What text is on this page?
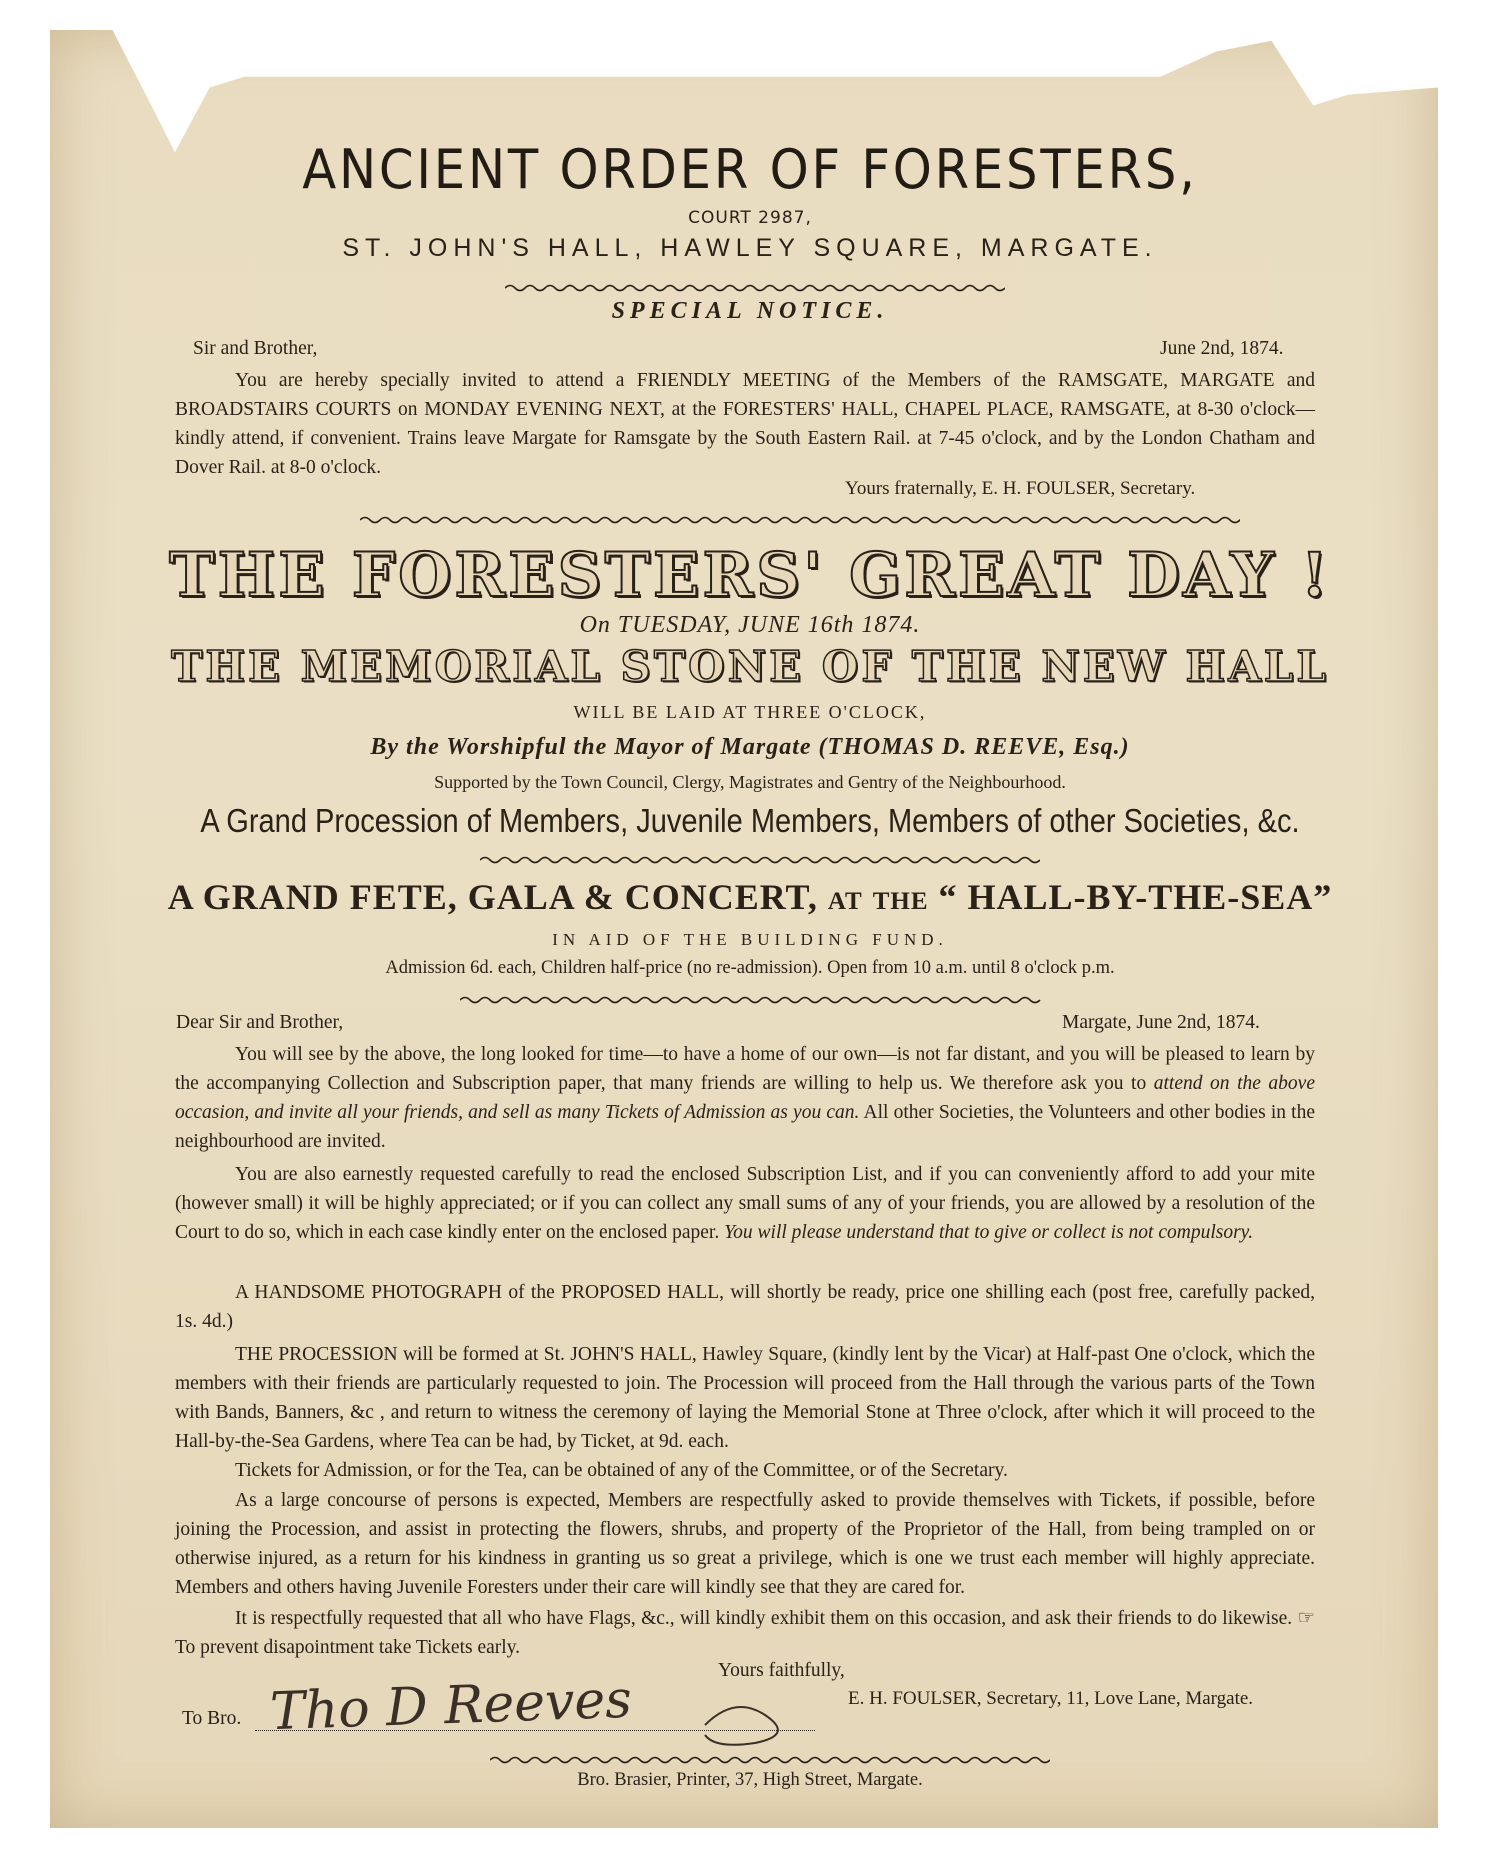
ANCIENT ORDER OF FORESTERS,
COURT 2987,
ST. JOHN'S HALL, HAWLEY SQUARE, MARGATE.
SPECIAL NOTICE.
Sir and Brother,	June 2nd, 1874.
You are hereby specially invited to attend a FRIENDLY MEETING of the Members of the RAMSGATE, MARGATE and BROADSTAIRS COURTS on MONDAY EVENING NEXT, at the FORESTERS' HALL, CHAPEL PLACE, RAMSGATE, at 8-30 o'clock—kindly attend, if convenient. Trains leave Margate for Ramsgate by the South Eastern Rail. at 7-45 o'clock, and by the London Chatham and Dover Rail. at 8-0 o'clock.
Yours fraternally, E. H. FOULSER, Secretary.
THE FORESTERS' GREAT DAY !
On TUESDAY, JUNE 16th 1874.
THE MEMORIAL STONE OF THE NEW HALL
WILL BE LAID AT THREE O'CLOCK,
By the Worshipful the Mayor of Margate (THOMAS D. REEVE, Esq.)
Supported by the Town Council, Clergy, Magistrates and Gentry of the Neighbourhood.
A Grand Procession of Members, Juvenile Members, Members of other Societies, &c.
A GRAND FETE, GALA & CONCERT, at the “ HALL-BY-THE-SEA”
IN AID OF THE BUILDING FUND.
Admission 6d. each, Children half-price (no re-admission). Open from 10 a.m. until 8 o'clock p.m.
Dear Sir and Brother,	Margate, June 2nd, 1874.
You will see by the above, the long looked for time—to have a home of our own—is not far distant, and you will be pleased to learn by the accompanying Collection and Subscription paper, that many friends are willing to help us. We therefore ask you to attend on the above occasion, and invite all your friends, and sell as many Tickets of Admission as you can. All other Societies, the Volunteers and other bodies in the neighbourhood are invited.
You are also earnestly requested carefully to read the enclosed Subscription List, and if you can conveniently afford to add your mite (however small) it will be highly appreciated; or if you can collect any small sums of any of your friends, you are allowed by a resolution of the Court to do so, which in each case kindly enter on the enclosed paper. You will please understand that to give or collect is not compulsory.
A HANDSOME PHOTOGRAPH of the PROPOSED HALL, will shortly be ready, price one shilling each (post free, carefully packed, 1s. 4d.)
THE PROCESSION will be formed at St. JOHN'S HALL, Hawley Square, (kindly lent by the Vicar) at Half-past One o'clock, which the members with their friends are particularly requested to join. The Procession will proceed from the Hall through the various parts of the Town with Bands, Banners, &c , and return to witness the ceremony of laying the Memorial Stone at Three o'clock, after which it will proceed to the Hall-by-the-Sea Gardens, where Tea can be had, by Ticket, at 9d. each.
Tickets for Admission, or for the Tea, can be obtained of any of the Committee, or of the Secretary.
As a large concourse of persons is expected, Members are respectfully asked to provide themselves with Tickets, if possible, before joining the Procession, and assist in protecting the flowers, shrubs, and property of the Proprietor of the Hall, from being trampled on or otherwise injured, as a return for his kindness in granting us so great a privilege, which is one we trust each member will highly appreciate. Members and others having Juvenile Foresters under their care will kindly see that they are cared for.
It is respectfully requested that all who have Flags, &c., will kindly exhibit them on this occasion, and ask their friends to do likewise. ☞ To prevent disapointment take Tickets early.
Yours faithfully,
E. H. FOULSER, Secretary, 11, Love Lane, Margate.
To Bro. Tho D Reeves
Bro. Brasier, Printer, 37, High Street, Margate.
